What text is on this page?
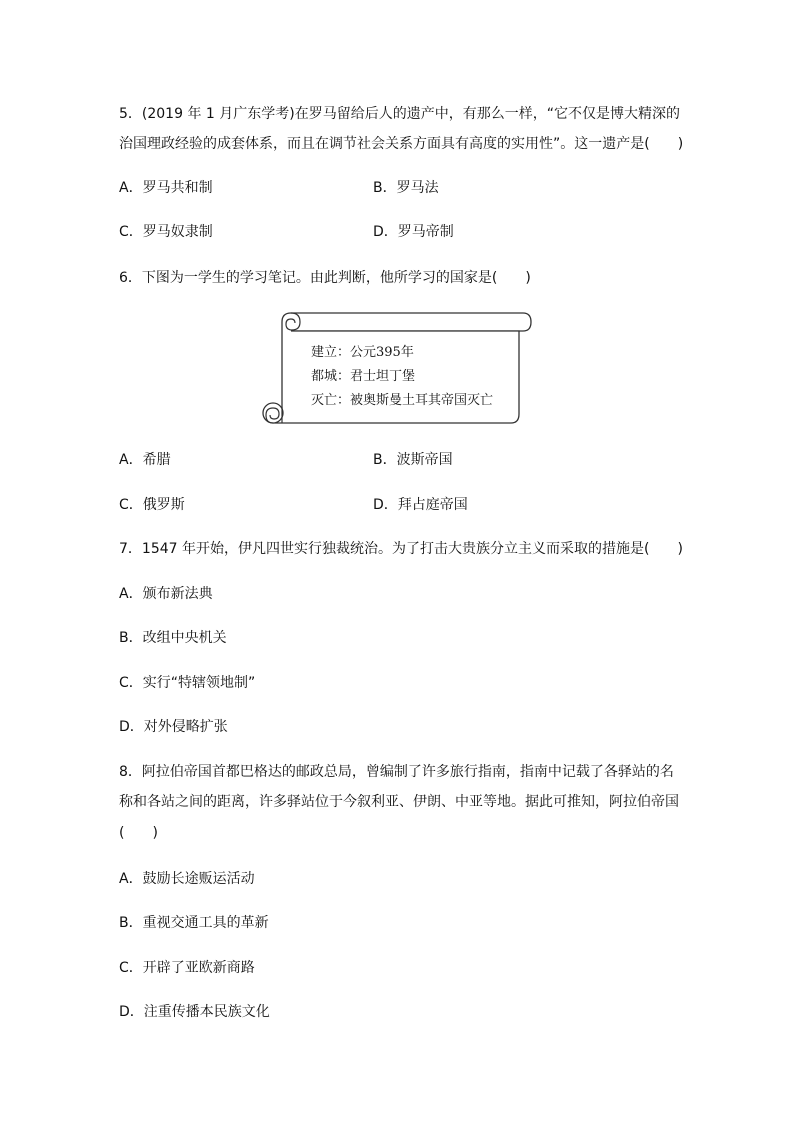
5．(2019 年 1 月广东学考)在罗马留给后人的遗产中，有那么一样，“它不仅是博大精深的
治国理政经验的成套体系，而且在调节社会关系方面具有高度的实用性”。这一遗产是(　　)
A．罗马共和制	B．罗马法
C．罗马奴隶制	D．罗马帝制
6．下图为一学生的学习笔记。由此判断，他所学习的国家是(　　)
建立：公元395年
都城：君士坦丁堡
灭亡：被奥斯曼土耳其帝国灭亡
A．希腊	B．波斯帝国
C．俄罗斯	D．拜占庭帝国
7．1547 年开始，伊凡四世实行独裁统治。为了打击大贵族分立主义而采取的措施是(　　)
A．颁布新法典
B．改组中央机关
C．实行“特辖领地制”
D．对外侵略扩张
8．阿拉伯帝国首都巴格达的邮政总局，曾编制了许多旅行指南，指南中记载了各驿站的名
称和各站之间的距离，许多驿站位于今叙利亚、伊朗、中亚等地。据此可推知，阿拉伯帝国
(　　)
A．鼓励长途贩运活动
B．重视交通工具的革新
C．开辟了亚欧新商路
D．注重传播本民族文化
